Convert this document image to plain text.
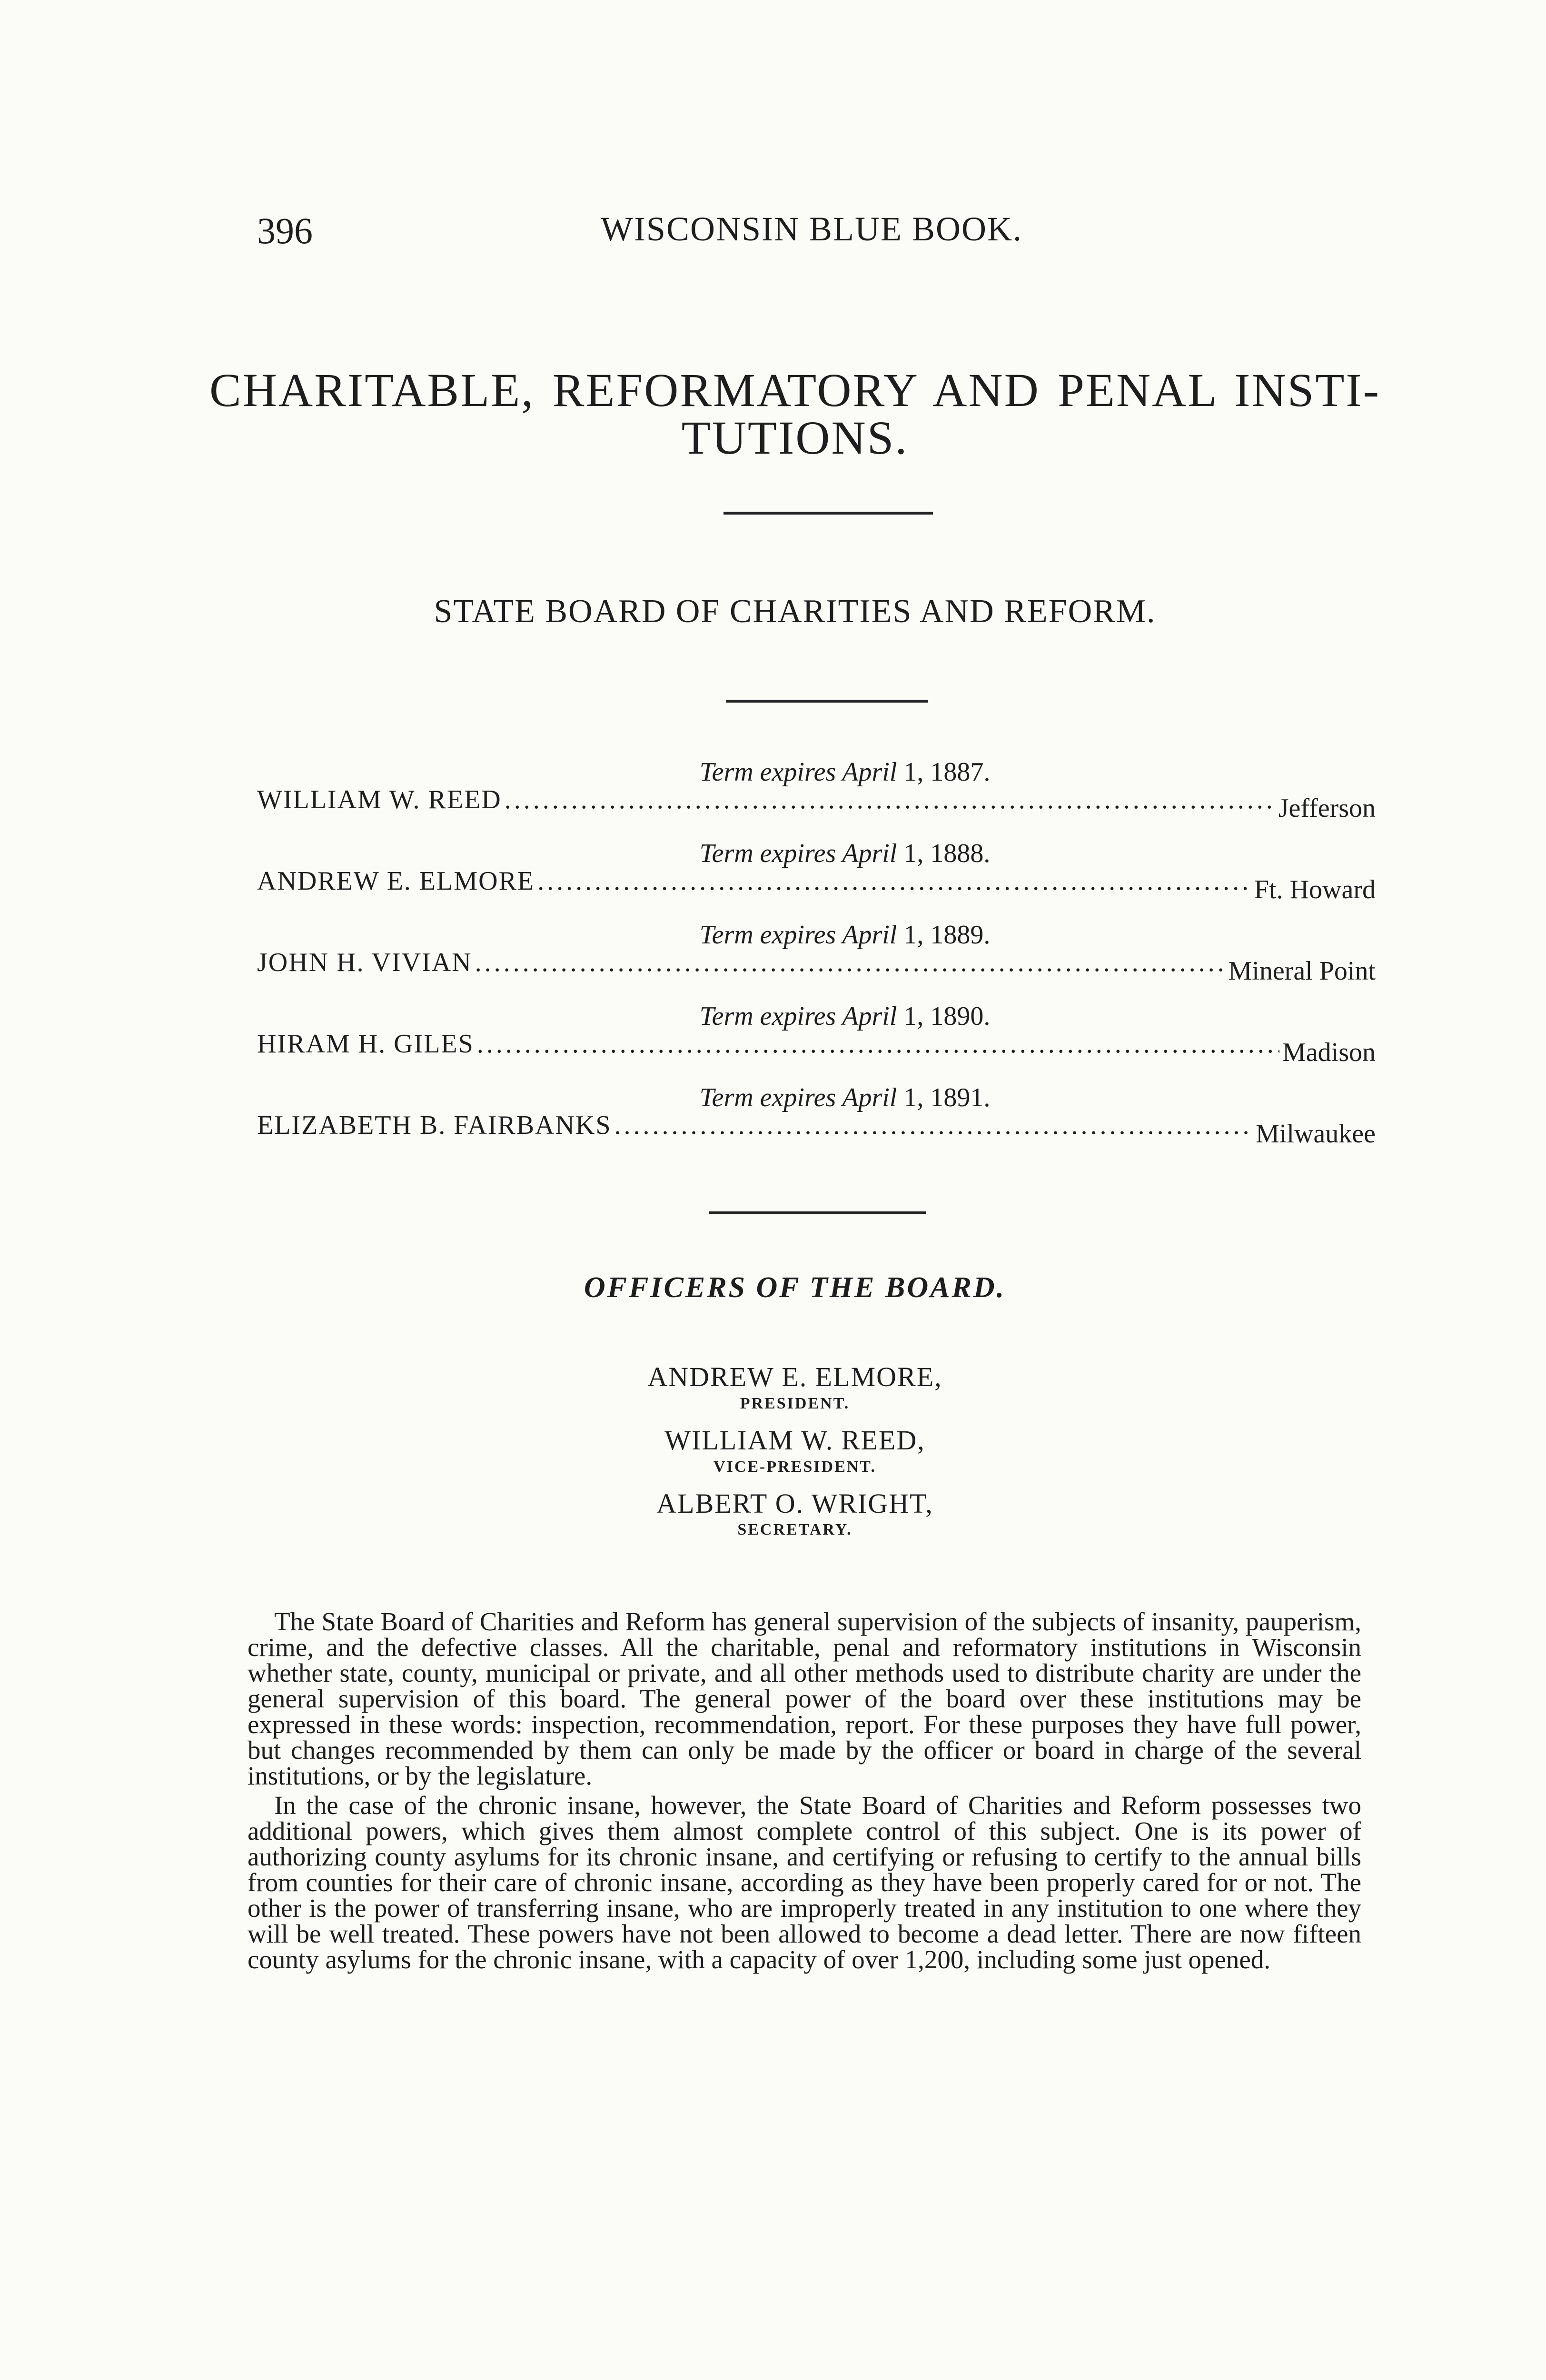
396	WISCONSIN BLUE BOOK.
CHARITABLE, REFORMATORY AND PENAL INSTI-
TUTIONS.
STATE BOARD OF CHARITIES AND REFORM.
Term expires April 1, 1887.
WILLIAM W. REED .....	Jefferson
Term expires April 1, 1888.
ANDREW E. ELMORE .....	Ft. Howard
Term expires April 1, 1889.
JOHN H. VIVIAN .....	Mineral Point
Term expires April 1, 1890.
HIRAM H. GILES .....	Madison
Term expires April 1, 1891.
ELIZABETH B. FAIRBANKS .....	Milwaukee
OFFICERS OF THE BOARD.
ANDREW E. ELMORE,
PRESIDENT.
WILLIAM W. REED,
VICE-PRESIDENT.
ALBERT O. WRIGHT,
SECRETARY.

The State Board of Charities and Reform has general supervision of the subjects of insanity, pauperism, crime, and the defective classes. All the charitable, penal and reformatory institutions in Wisconsin whether state, county, municipal or private, and all other methods used to distribute charity are under the general supervision of this board. The general power of the board over these institutions may be expressed in these words: inspection, recommendation, report. For these purposes they have full power, but changes recommended by them can only be made by the officer or board in charge of the several institutions, or by the legislature.

In the case of the chronic insane, however, the State Board of Charities and Reform possesses two additional powers, which gives them almost complete control of this subject. One is its power of authorizing county asylums for its chronic insane, and certifying or refusing to certify to the annual bills from counties for their care of chronic insane, according as they have been properly cared for or not. The other is the power of transferring insane, who are improperly treated in any institution to one where they will be well treated. These powers have not been allowed to become a dead letter. There are now fifteen county asylums for the chronic insane, with a capacity of over 1,200, including some just opened.
